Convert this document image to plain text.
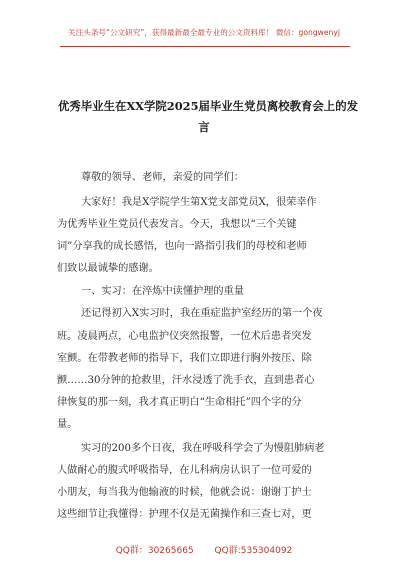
关注头条号“公文研究”，获得最新最全最专业的公文资料库！ 微信：gongwenyj
优秀毕业生在XX学院2025届毕业生党员离校教育会上的发
言
尊敬的领导、老师，亲爱的同学们：
大家好！我是X学院学生第X党支部党员X，很荣幸作
为优秀毕业生党员代表发言。今天，我想以“三个关键
词”分享我的成长感悟，也向一路指引我们的母校和老师
们致以最诚挚的感谢。
一、实习：在淬炼中读懂护理的重量
还记得初入X实习时，我在重症监护室经历的第一个夜
班。凌晨两点，心电监护仪突然报警，一位术后患者突发
室颤。在带教老师的指导下，我们立即进行胸外按压、除
颤……30分钟的抢救里，汗水浸透了洗手衣，直到患者心
律恢复的那一刻，我才真正明白“生命相托”四个字的分
量。
实习的200多个日夜，我在呼吸科学会了为慢阻肺病老
人做耐心的腹式呼吸指导，在儿科病房认识了一位可爱的
小朋友，每当我为他输液的时候，他就会说：谢谢丁护士
这些细节让我懂得：护理不仅是无菌操作和三查七对，更
QQ群：30265665 QQ群:535304092
